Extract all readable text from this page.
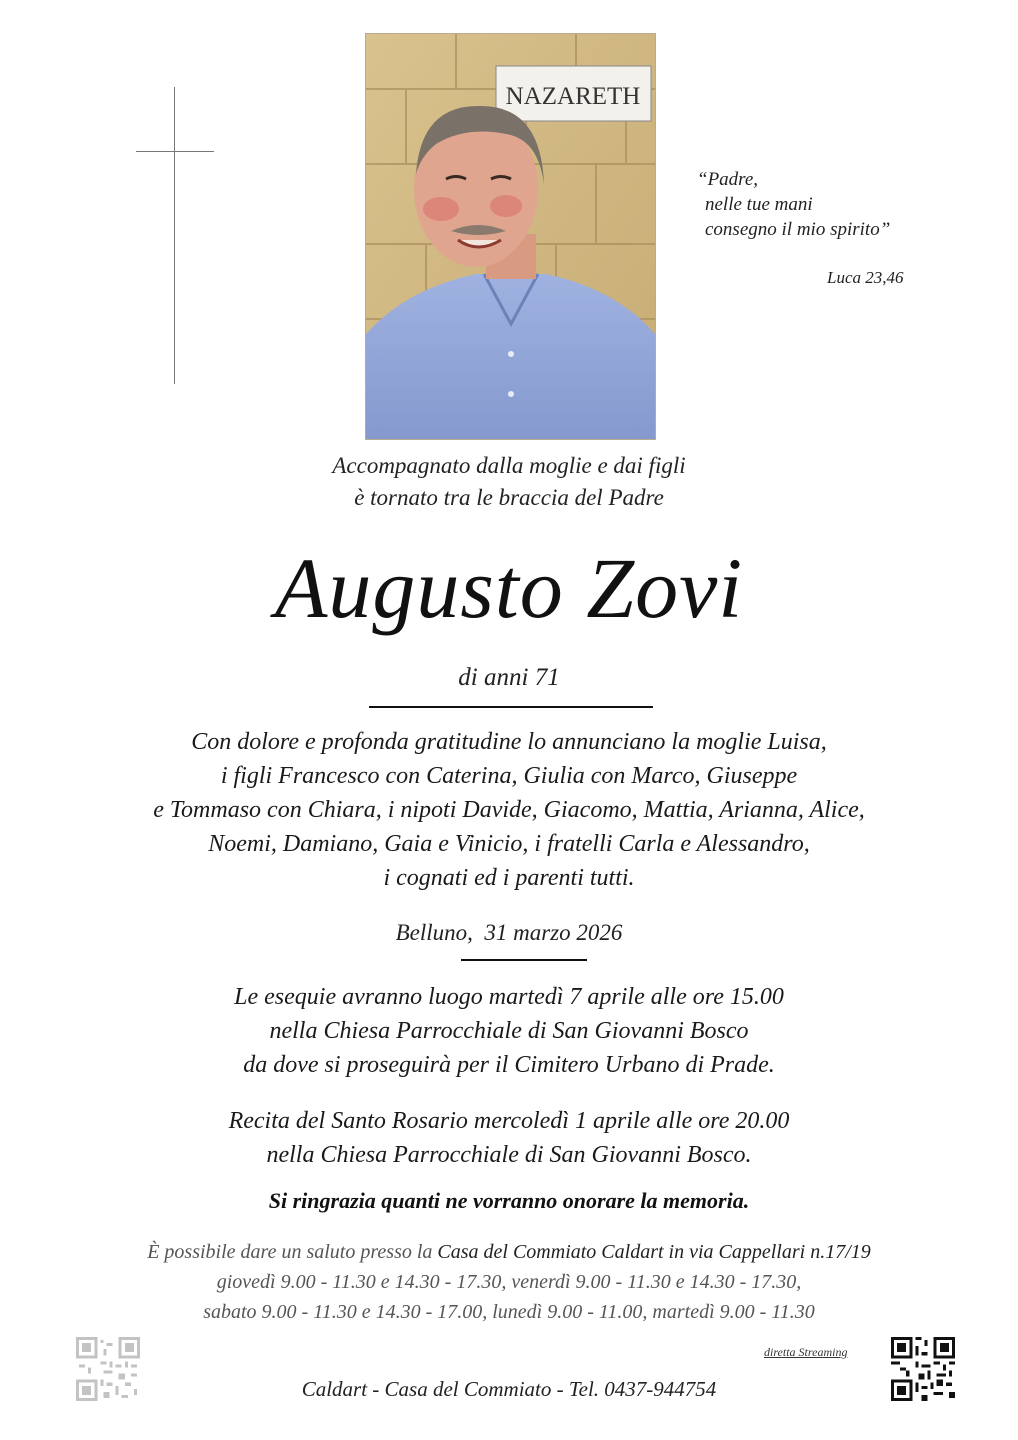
NAZARETH
“Padre,
nelle tue mani
consegno il mio spirito”
Luca 23,46
Accompagnato dalla moglie e dai figli
è tornato tra le braccia del Padre
Augusto Zovi
di anni 71
Con dolore e profonda gratitudine lo annunciano la moglie Luisa,
i figli Francesco con Caterina, Giulia con Marco, Giuseppe
e Tommaso con Chiara, i nipoti Davide, Giacomo, Mattia, Arianna, Alice,
Noemi, Damiano, Gaia e Vinicio, i fratelli Carla e Alessandro,
i cognati ed i parenti tutti.
Belluno,  31 marzo 2026
Le esequie avranno luogo martedì 7 aprile alle ore 15.00
nella Chiesa Parrocchiale di San Giovanni Bosco
da dove si proseguirà per il Cimitero Urbano di Prade.
Recita del Santo Rosario mercoledì 1 aprile alle ore 20.00
nella Chiesa Parrocchiale di San Giovanni Bosco.
Si ringrazia quanti ne vorranno onorare la memoria.
È possibile dare un saluto presso la Casa del Commiato Caldart in via Cappellari n.17/19
giovedì 9.00 - 11.30 e 14.30 - 17.30, venerdì 9.00 - 11.30 e 14.30 - 17.30,
sabato 9.00 - 11.30 e 14.30 - 17.00, lunedì 9.00 - 11.00, martedì 9.00 - 11.30
diretta Streaming
Caldart - Casa del Commiato - Tel. 0437-944754
